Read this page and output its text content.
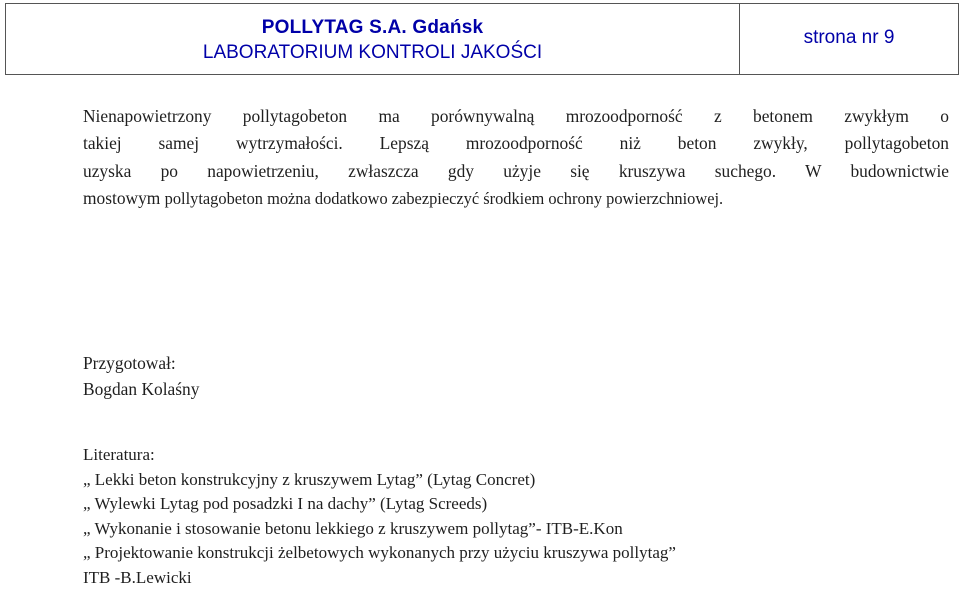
POLLYTAG S.A. Gdańsk
LABORATORIUM KONTROLI JAKOŚCI
strona nr 9
Nienapowietrzony pollytagobeton ma porównywalną mrozoodporność z betonem zwykłym o
takiej samej wytrzymałości. Lepszą mrozoodporność niż beton zwykły, pollytagobeton
uzyska po napowietrzeniu, zwłaszcza gdy użyje się kruszywa suchego. W budownictwie
mostowym pollytagobeton można dodatkowo zabezpieczyć środkiem ochrony powierzchniowej.
Przygotował:
Bogdan Kolaśny
Literatura:
„ Lekki beton konstrukcyjny z kruszywem Lytag” (Lytag Concret)
„ Wylewki Lytag pod posadzki I na dachy” (Lytag Screeds)
„ Wykonanie i stosowanie betonu lekkiego z kruszywem pollytag”- ITB-E.Kon
„ Projektowanie konstrukcji żelbetowych wykonanych przy użyciu kruszywa pollytag”
ITB -B.Lewicki
